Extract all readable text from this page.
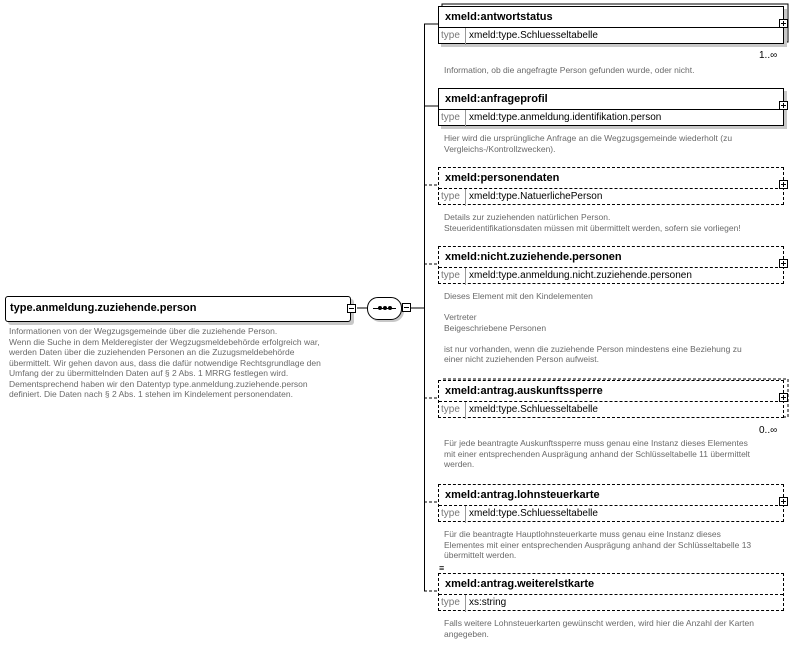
type.anmeldung.zuziehende.person
Informationen von der Wegzugsgemeinde über die zuziehende Person.
Wenn die Suche in dem Melderegister der Wegzugsmeldebehörde erfolgreich war,
werden Daten über die zuziehenden Personen an die Zuzugsmeldebehörde
übermittelt. Wir gehen davon aus, dass die dafür notwendige Rechtsgrundlage den
Umfang der zu übermittelnden Daten auf § 2 Abs. 1 MRRG festlegen wird.
Dementsprechend haben wir den Datentyp type.anmeldung.zuziehende.person
definiert. Die Daten nach § 2 Abs. 1 stehen im Kindelement personendaten.
xmeld:antwortstatus
type xmeld:type.Schluesseltabelle
1..∞
Information, ob die angefragte Person gefunden wurde, oder nicht.
xmeld:anfrageprofil
type xmeld:type.anmeldung.identifikation.person
Hier wird die ursprüngliche Anfrage an die Wegzugsgemeinde wiederholt (zu
Vergleichs-/Kontrollzwecken).
xmeld:personendaten
type xmeld:type.NatuerlichePerson
Details zur zuziehenden natürlichen Person.
Steueridentifikationsdaten müssen mit übermittelt werden, sofern sie vorliegen!
xmeld:nicht.zuziehende.personen
type xmeld:type.anmeldung.nicht.zuziehende.personen
Dieses Element mit den Kindelementen

Vertreter
Beigeschriebene Personen

ist nur vorhanden, wenn die zuziehende Person mindestens eine Beziehung zu
einer nicht zuziehenden Person aufweist.
xmeld:antrag.auskunftssperre
type xmeld:type.Schluesseltabelle
0..∞
Für jede beantragte Auskunftssperre muss genau eine Instanz dieses Elementes
mit einer entsprechenden Ausprägung anhand der Schlüsseltabelle 11 übermittelt
werden.
xmeld:antrag.lohnsteuerkarte
type xmeld:type.Schluesseltabelle
Für die beantragte Hauptlohnsteuerkarte muss genau eine Instanz dieses
Elementes mit einer entsprechenden Ausprägung anhand der Schlüsseltabelle 13
übermittelt werden.
≡
xmeld:antrag.weiterelstkarte
type xs:string
Falls weitere Lohnsteuerkarten gewünscht werden, wird hier die Anzahl der Karten
angegeben.
